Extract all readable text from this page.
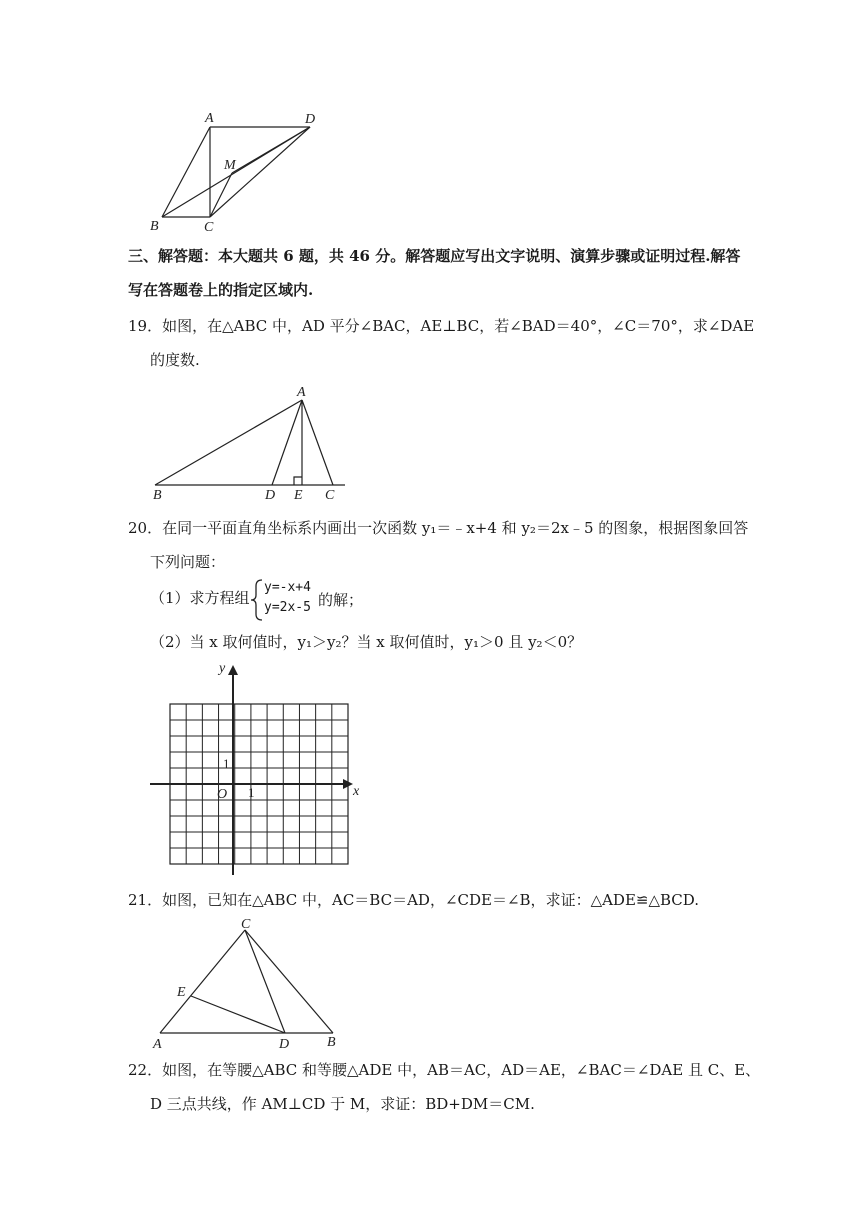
A	D
M
B	C
三、解答题：本大题共 6 题，共 46 分。解答题应写出文字说明、演算步骤或证明过程.解答
写在答题卷上的指定区域内.
19．如图，在△ABC 中，AD 平分∠BAC，AE⊥BC，若∠BAD＝40°，∠C＝70°，求∠DAE
的度数.
A
B	D E C
20．在同一平面直角坐标系内画出一次函数 y₁＝﹣x+4 和 y₂＝2x﹣5 的图象，根据图象回答
下列问题：
（1）求方程组
y=-x+4
y=2x-5 的解；
（2）当 x 取何值时，y₁＞y₂？当 x 取何值时，y₁＞0 且 y₂＜0？
x
y
O 1
1
21．如图，已知在△ABC 中，AC＝BC＝AD，∠CDE＝∠B，求证：△ADE≌△BCD.
C
E
A	D	B
22．如图，在等腰△ABC 和等腰△ADE 中，AB＝AC，AD＝AE，∠BAC＝∠DAE 且 C、E、
D 三点共线，作 AM⊥CD 于 M，求证：BD+DM＝CM.
